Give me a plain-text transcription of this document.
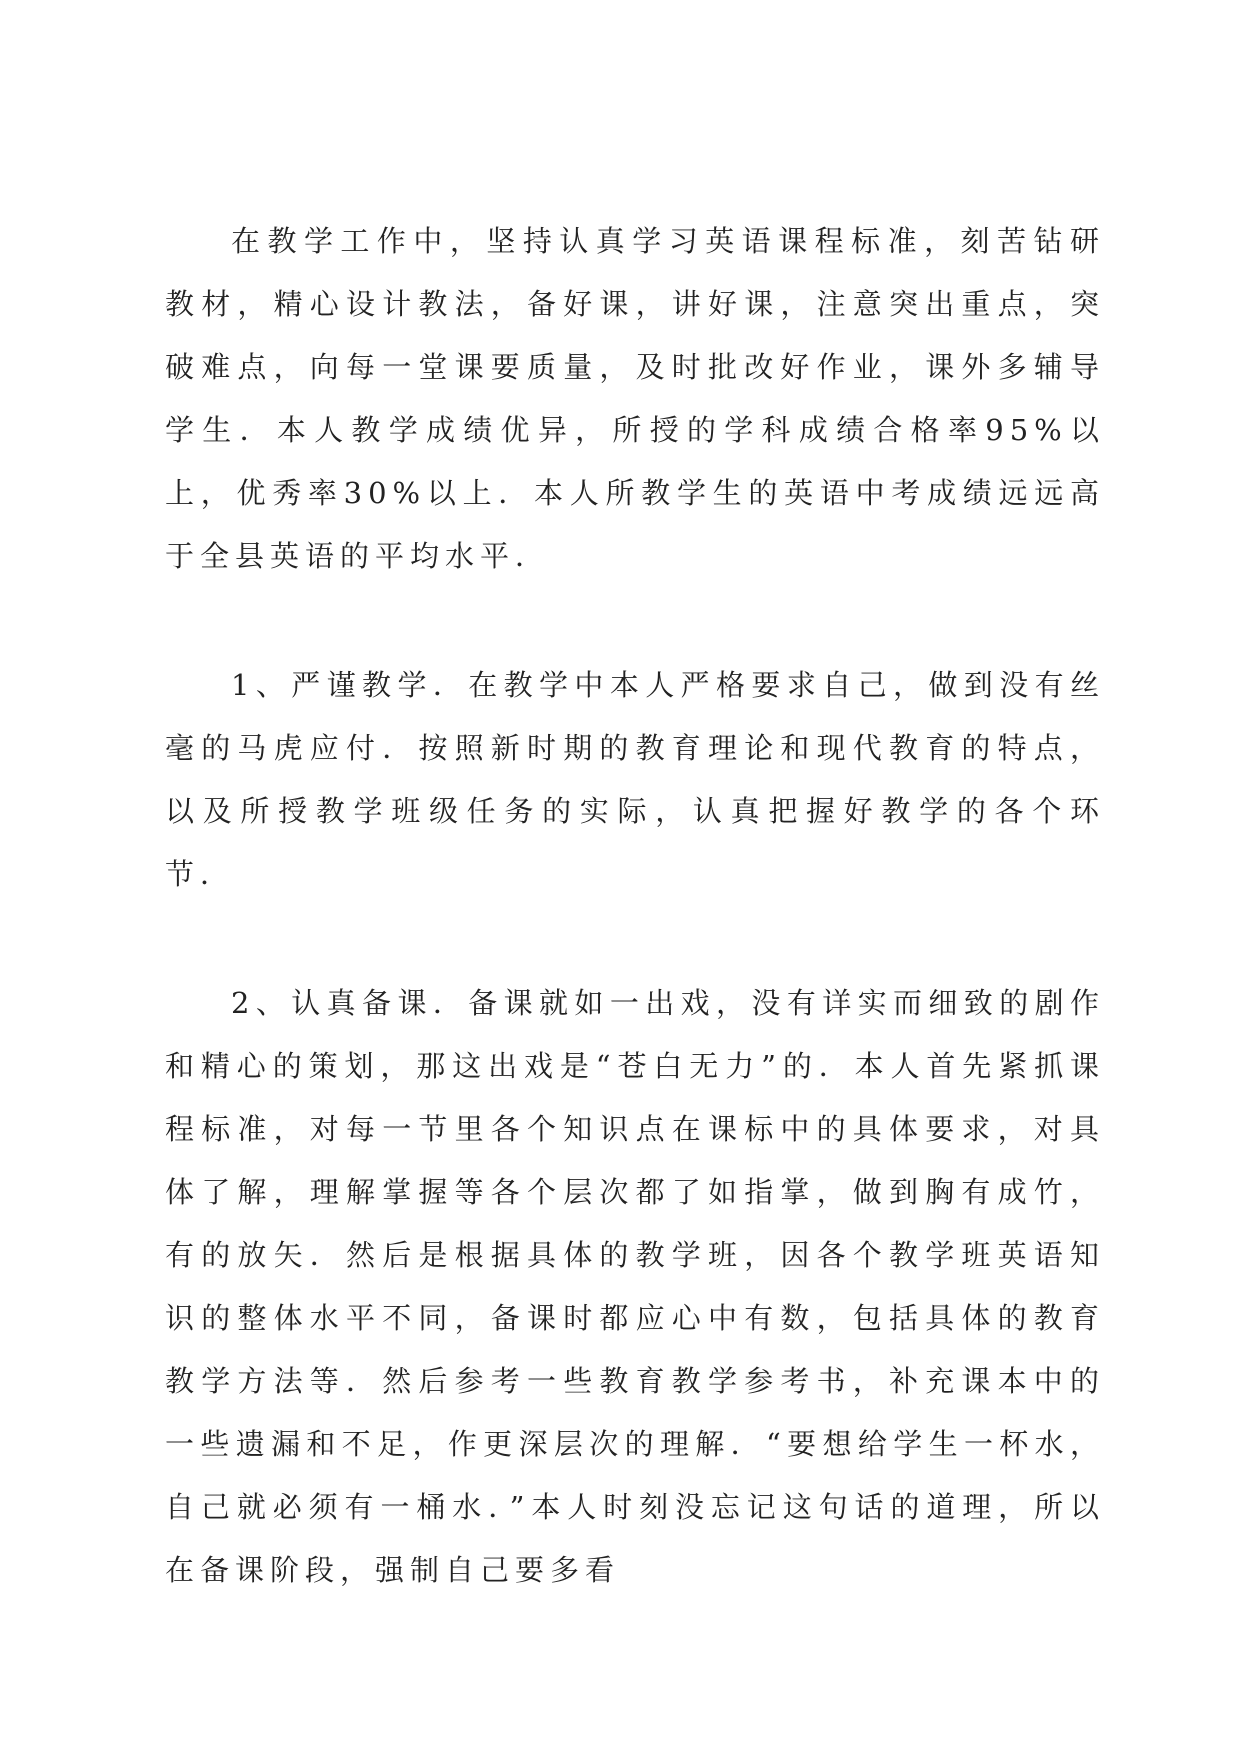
在教学工作中，坚持认真学习英语课程标准，刻苦钻研教材，精心设计教法，备好课，讲好课，注意突出重点，突破难点，向每一堂课要质量，及时批改好作业，课外多辅导学生．本人教学成绩优异，所授的学科成绩合格率95%以上，优秀率30%以上．本人所教学生的英语中考成绩远远高于全县英语的平均水平．

1、严谨教学．在教学中本人严格要求自己，做到没有丝毫的马虎应付．按照新时期的教育理论和现代教育的特点，以及所授教学班级任务的实际，认真把握好教学的各个环节．

2、认真备课．备课就如一出戏，没有详实而细致的剧作和精心的策划，那这出戏是“苍白无力”的．本人首先紧抓课程标准，对每一节里各个知识点在课标中的具体要求，对具体了解，理解掌握等各个层次都了如指掌，做到胸有成竹，有的放矢．然后是根据具体的教学班，因各个教学班英语知识的整体水平不同，备课时都应心中有数，包括具体的教育教学方法等．然后参考一些教育教学参考书，补充课本中的一些遗漏和不足，作更深层次的理解．“要想给学生一杯水，自己就必须有一桶水．”本人时刻没忘记这句话的道理，所以在备课阶段，强制自己要多看
